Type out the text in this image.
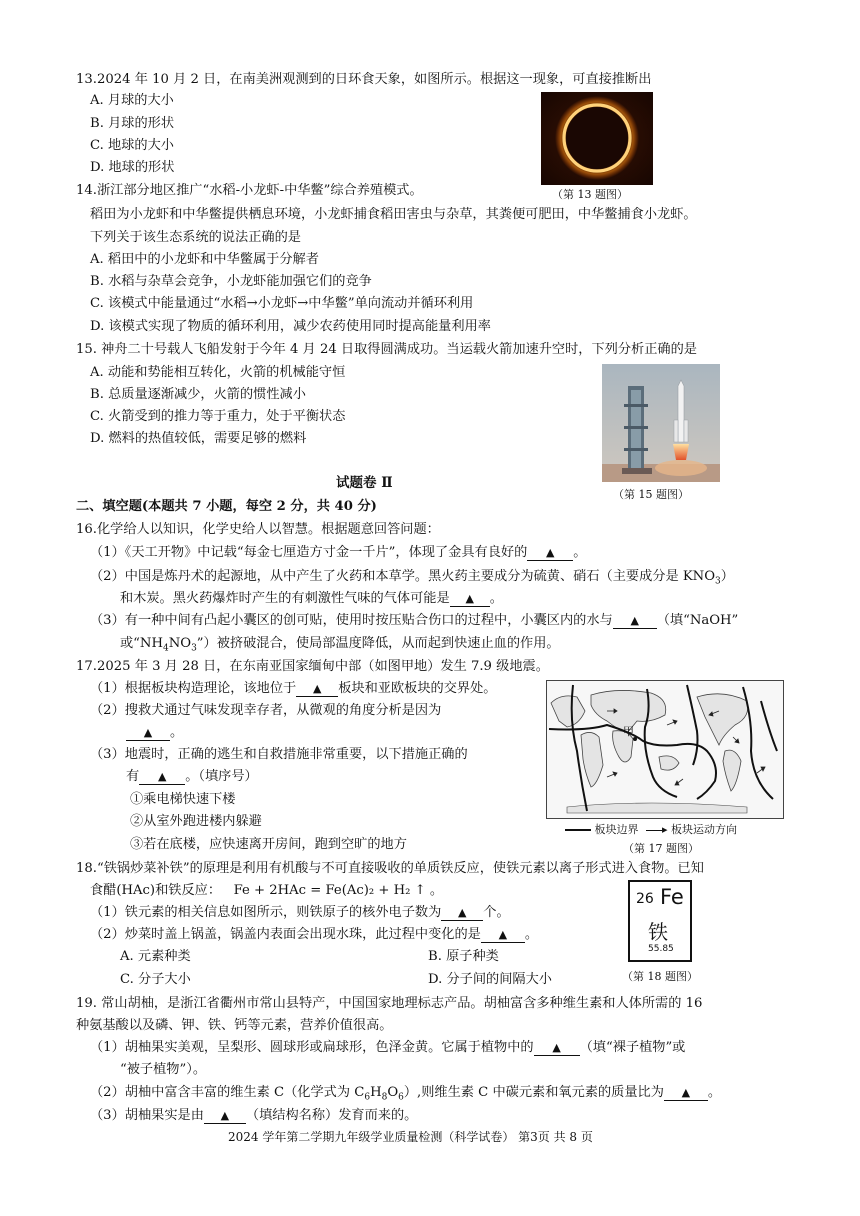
13.2024 年 10 月 2 日，在南美洲观测到的日环食天象，如图所示。根据这一现象，可直接推断出
A. 月球的大小
B. 月球的形状
C. 地球的大小
D. 地球的形状
（第 13 题图）
14.浙江部分地区推广“水稻-小龙虾-中华鳖”综合养殖模式。
稻田为小龙虾和中华鳖提供栖息环境，小龙虾捕食稻田害虫与杂草，其粪便可肥田，中华鳖捕食小龙虾。
下列关于该生态系统的说法正确的是
A. 稻田中的小龙虾和中华鳖属于分解者
B. 水稻与杂草会竞争，小龙虾能加强它们的竞争
C. 该模式中能量通过“水稻→小龙虾→中华鳖”单向流动并循环利用
D. 该模式实现了物质的循环利用，减少农药使用同时提高能量利用率
15. 神舟二十号载人飞船发射于今年 4 月 24 日取得圆满成功。当运载火箭加速升空时，下列分析正确的是
A. 动能和势能相互转化，火箭的机械能守恒
B. 总质量逐渐减少，火箭的惯性减小
C. 火箭受到的推力等于重力，处于平衡状态
D. 燃料的热值较低，需要足够的燃料
（第 15 题图）
试题卷 Ⅱ
二、填空题(本题共 7 小题，每空 2 分，共 40 分)
16.化学给人以知识，化学史给人以智慧。根据题意回答问题：
（1）《天工开物》中记载“每金七厘造方寸金一千片”，体现了金具有良好的 ▲ 。
（2）中国是炼丹术的起源地，从中产生了火药和本草学。黑火药主要成分为硫黄、硝石（主要成分是 $KNO_3$）
和木炭。黑火药爆炸时产生的有刺激性气味的气体可能是 ▲ 。
（3）有一种中间有凸起小囊区的创可贴，使用时按压贴合伤口的过程中，小囊区内的水与 ▲ （填“NaOH”
或“$NH_4NO_3$”）被挤破混合，使局部温度降低，从而起到快速止血的作用。
17.2025 年 3 月 28 日，在东南亚国家缅甸中部（如图甲地）发生 7.9 级地震。
（1）根据板块构造理论，该地位于 ▲ 板块和亚欧板块的交界处。
（2）搜救犬通过气味发现幸存者，从微观的角度分析是因为
▲ 。
（3）地震时，正确的逃生和自救措施非常重要，以下措施正确的
有 ▲ 。（填序号）
①乘电梯快速下楼
②从室外跑进楼内躲避
③若在底楼，应快速离开房间，跑到空旷的地方
甲
板块边界 ▸ 板块运动方向
（第 17 题图）
18.“铁锅炒菜补铁”的原理是利用有机酸与不可直接吸收的单质铁反应，使铁元素以离子形式进入食物。已知
食醋(HAc)和铁反应： Fe + 2HAc = Fe(Ac)₂ + H₂ ↑ 。
（1）铁元素的相关信息如图所示，则铁原子的核外电子数为 ▲ 个。
（2）炒菜时盖上锅盖，锅盖内表面会出现水珠，此过程中变化的是 ▲ 。
A. 元素种类	B. 原子种类
C. 分子大小	D. 分子间的间隔大小
26 Fe
铁
55.85
（第 18 题图）
19. 常山胡柚，是浙江省衢州市常山县特产，中国国家地理标志产品。胡柚富含多种维生素和人体所需的 16
种氨基酸以及磷、钾、铁、钙等元素，营养价值很高。
（1）胡柚果实美观，呈梨形、圆球形或扁球形，色泽金黄。它属于植物中的 ▲ （填“裸子植物”或
“被子植物”）。
（2）胡柚中富含丰富的维生素 C（化学式为 $C_6H_8O_6$）,则维生素 C 中碳元素和氧元素的质量比为 ▲ 。
（3）胡柚果实是由 ▲ （填结构名称）发育而来的。
2024 学年第二学期九年级学业质量检测（科学试卷） 第3页 共 8 页
